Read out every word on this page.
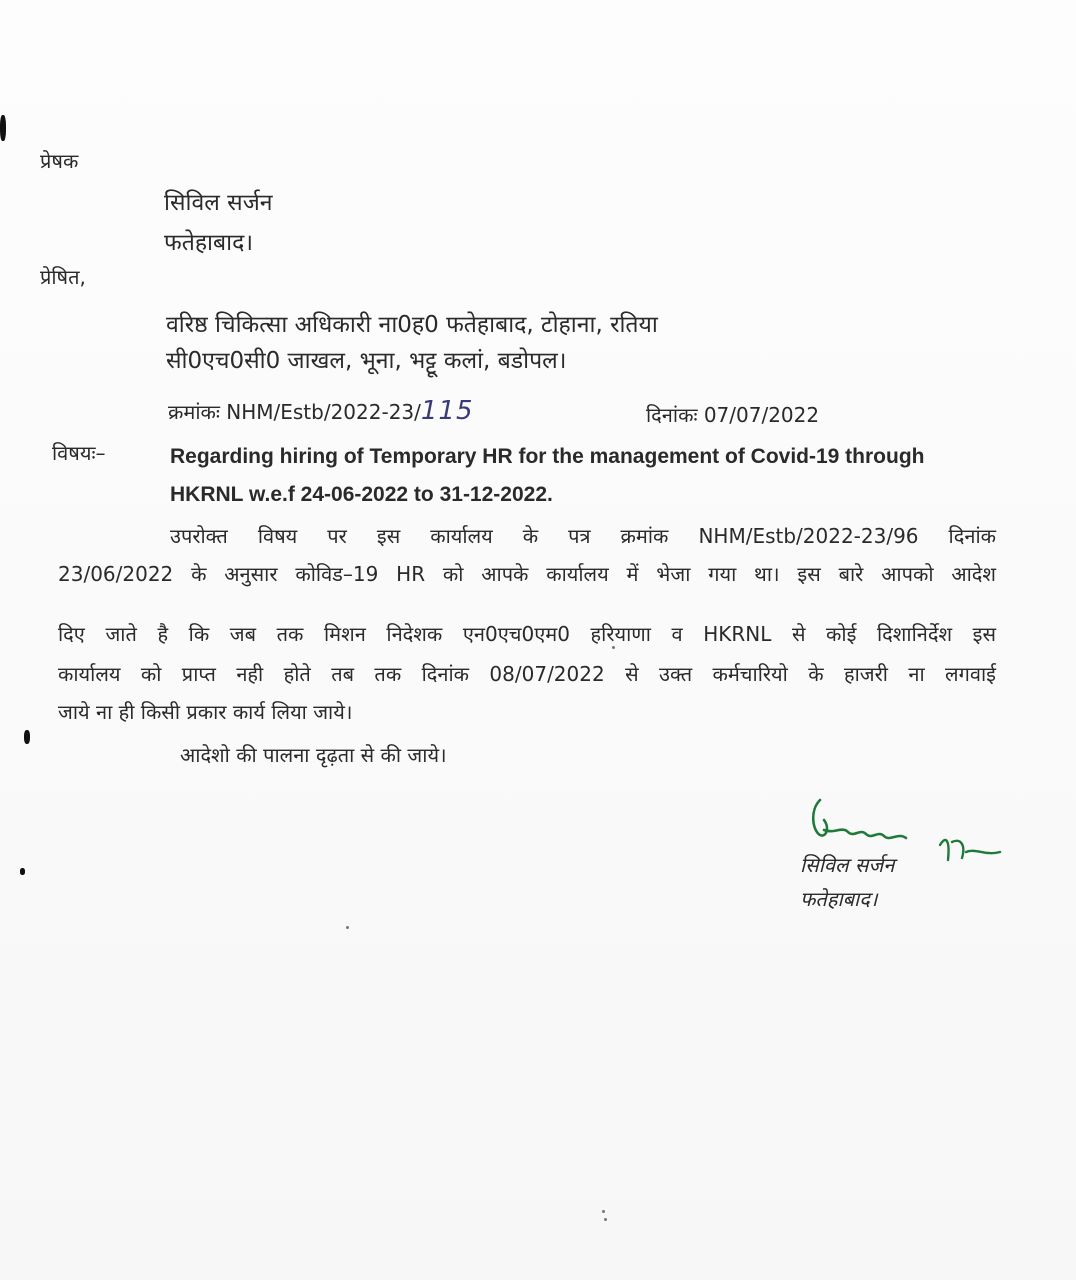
प्रेषक
सिविल सर्जन
फतेहाबाद।
प्रेषित,
वरिष्ठ चिकित्सा अधिकारी ना0ह0 फतेहाबाद, टोहाना, रतिया
सी0एच0सी0 जाखल, भूना, भट्टू कलां, बडोपल।
क्रमांकः NHM/Estb/2022-23/115	दिनांकः 07/07/2022
विषयः–	Regarding hiring of Temporary HR for the management of Covid-19 through
HKRNL w.e.f 24-06-2022 to 31-12-2022.
उपरोक्त विषय पर इस कार्यालय के पत्र क्रमांक NHM/Estb/2022-23/96 दिनांक
23/06/2022 के अनुसार कोविड–19 HR को आपके कार्यालय में भेजा गया था। इस बारे आपको आदेश
दिए जाते है कि जब तक मिशन निदेशक एन0एच0एम0 हरियाणा व HKRNL से कोई दिशानिर्देश इस
कार्यालय को प्राप्त नही होते तब तक दिनांक 08/07/2022 से उक्त कर्मचारियो के हाजरी ना लगवाई
जाये ना ही किसी प्रकार कार्य लिया जाये।
आदेशो की पालना दृढ़ता से की जाये।
सिविल सर्जन
फतेहाबाद।
